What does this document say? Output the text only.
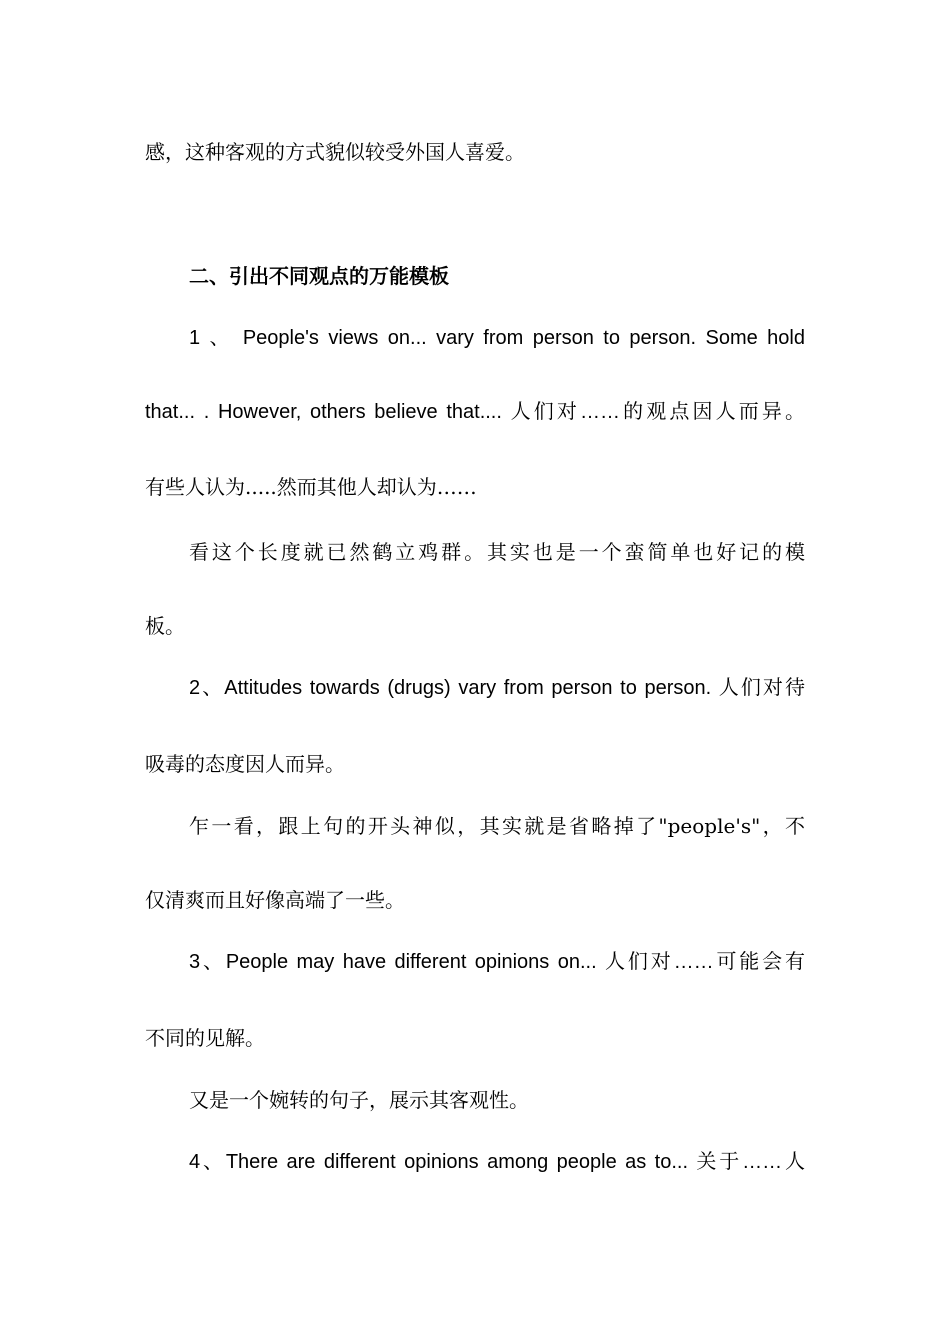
感，这种客观的方式貌似较受外国人喜爱。
二、引出不同观点的万能模板
1 、 People's views on... vary from person to person. Some hold
that... . However, others believe that.... 人们对……的观点因人而异。
有些人认为.....然而其他人却认为……
看这个长度就已然鹤立鸡群。其实也是一个蛮简单也好记的模
板。
2、Attitudes towards (drugs) vary from person to person. 人们对待
吸毒的态度因人而异。
乍一看，跟上句的开头神似，其实就是省略掉了"people's"，不
仅清爽而且好像高端了一些。
3、People may have different opinions on... 人们对……可能会有
不同的见解。
又是一个婉转的句子，展示其客观性。
4、There are different opinions among people as to... 关于……人
